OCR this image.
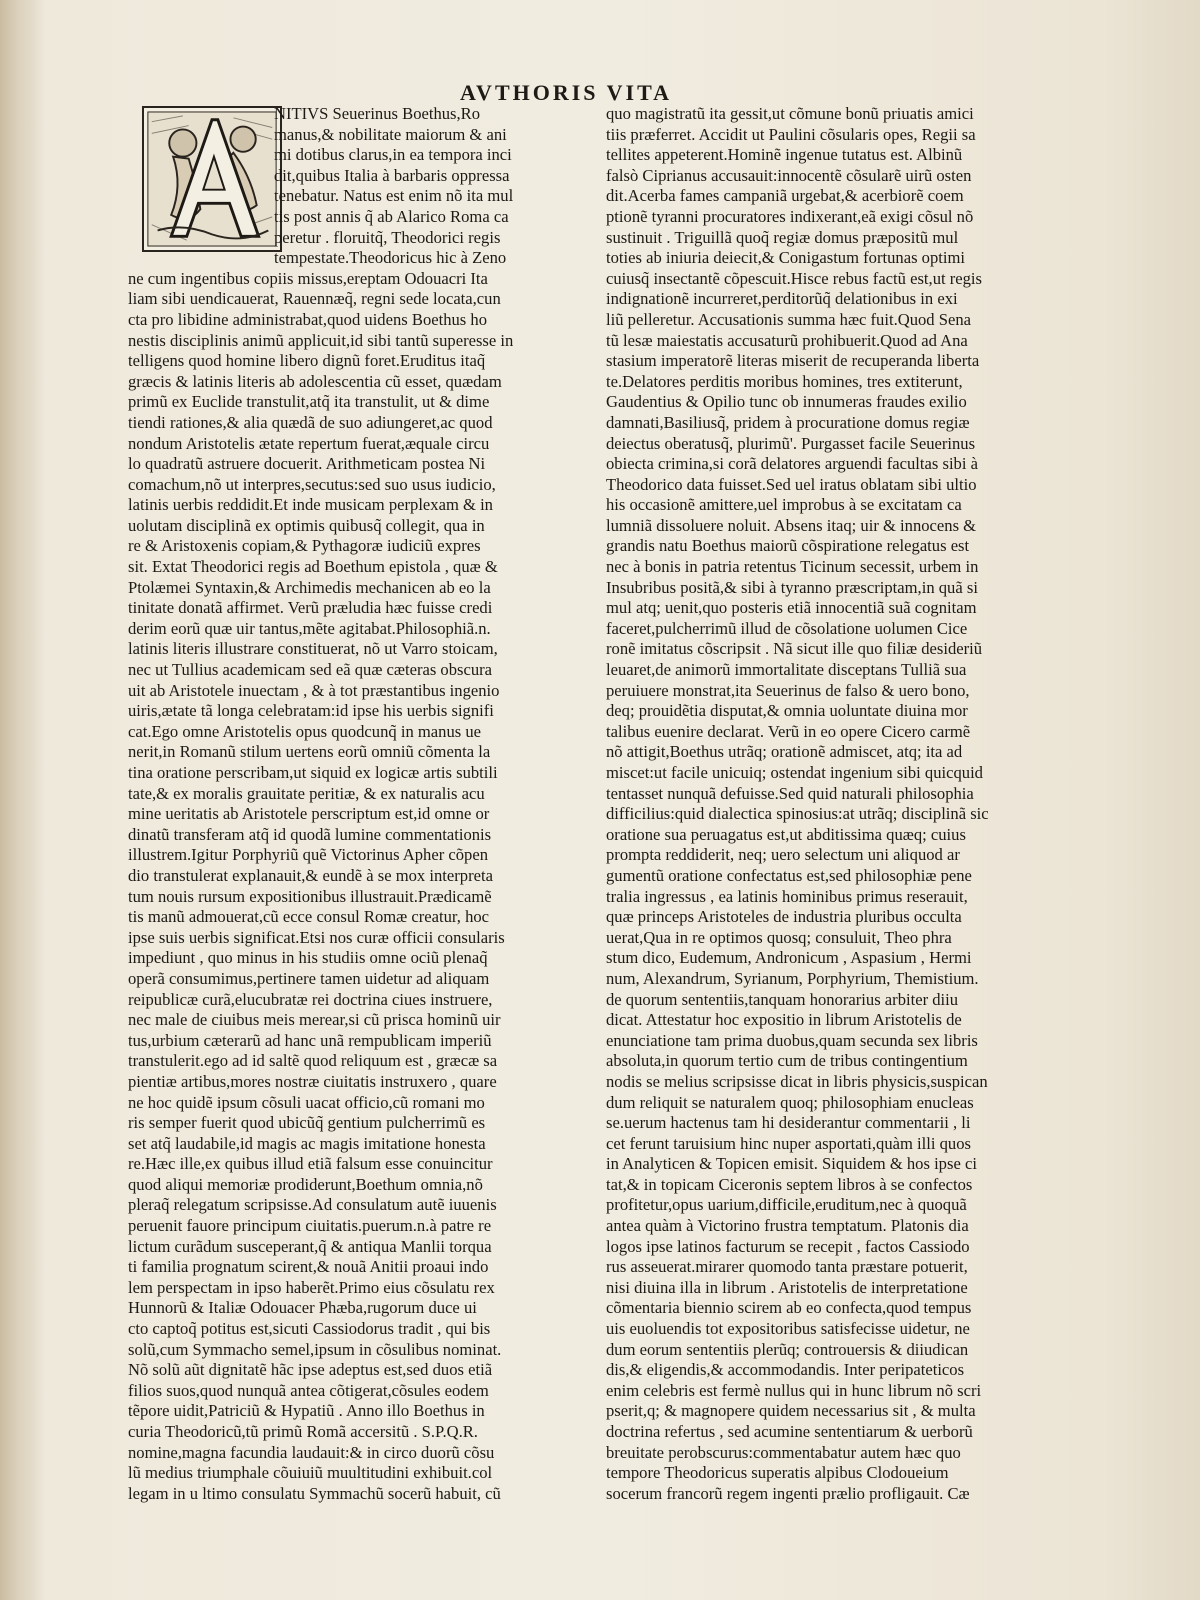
AVTHORIS VITA
NITIVS Seuerinus Boethus,Ro
manus,& nobilitate maiorum & ani
mi dotibus clarus,in ea tempora inci
dit,quibus Italia à barbaris oppressa
tenebatur. Natus est enim nõ ita mul
tis post annis q̃ ab Alarico Roma ca
peretur . floruitq̃, Theodorici regis
tempestate.Theodoricus hic à Zeno
ne cum ingentibus copiis missus,ereptam Odouacri Ita
liam sibi uendicauerat, Rauennæq̃, regni sede locata,cun
cta pro libidine administrabat,quod uidens Boethus ho
nestis disciplinis animũ applicuit,id sibi tantũ superesse in
telligens quod homine libero dignũ foret.Eruditus itaq̃
græcis & latinis literis ab adolescentia cũ esset, quædam
primũ ex Euclide transtulit,atq̃ ita transtulit, ut & dime
tiendi rationes,& alia quædã de suo adiungeret,ac quod
nondum Aristotelis ætate repertum fuerat,æquale circu
lo quadratũ astruere docuerit. Arithmeticam postea Ni
comachum,nõ ut interpres,secutus:sed suo usus iudicio,
latinis uerbis reddidit.Et inde musicam perplexam & in
uolutam disciplinã ex optimis quibusq̃ collegit, qua in
re & Aristoxenis copiam,& Pythagoræ iudiciũ expres
sit. Extat Theodorici regis ad Boethum epistola , quæ &
Ptolæmei Syntaxin,& Archimedis mechanicen ab eo la
tinitate donatã affirmet. Verũ præludia hæc fuisse credi
derim eorũ quæ uir tantus,mẽte agitabat.Philosophiã.n.
latinis literis illustrare constituerat, nõ ut Varro stoicam,
nec ut Tullius academicam sed eã quæ cæteras obscura
uit ab Aristotele inuectam , & à tot præstantibus ingenio
uiris,ætate tã longa celebratam:id ipse his uerbis signifi
cat.Ego omne Aristotelis opus quodcunq̃ in manus ue
nerit,in Romanũ stilum uertens eorũ omniũ cõmenta la
tina oratione perscribam,ut siquid ex logicæ artis subtili
tate,& ex moralis grauitate peritiæ, & ex naturalis acu
mine ueritatis ab Aristotele perscriptum est,id omne or
dinatũ transferam atq̃ id quodã lumine commentationis
illustrem.Igitur Porphyriũ quẽ Victorinus Apher cõpen
dio transtulerat explanauit,& eundẽ à se mox interpreta
tum nouis rursum expositionibus illustrauit.Prædicamẽ
tis manũ admouerat,cũ ecce consul Romæ creatur, hoc
ipse suis uerbis significat.Etsi nos curæ officii consularis
impediunt , quo minus in his studiis omne ociũ plenaq̃
operã consumimus,pertinere tamen uidetur ad aliquam
reipublicæ curã,elucubratæ rei doctrina ciues instruere,
nec male de ciuibus meis merear,si cũ prisca hominũ uir
tus,urbium cæterarũ ad hanc unã rempublicam imperiũ
transtulerit.ego ad id saltẽ quod reliquum est , græcæ sa
pientiæ artibus,mores nostræ ciuitatis instruxero , quare
ne hoc quidẽ ipsum cõsuli uacat officio,cũ romani mo
ris semper fuerit quod ubicũq̃ gentium pulcherrimũ es
set atq̃ laudabile,id magis ac magis imitatione honesta
re.Hæc ille,ex quibus illud etiã falsum esse conuincitur
quod aliqui memoriæ prodiderunt,Boethum omnia,nõ
pleraq̃ relegatum scripsisse.Ad consulatum autẽ iuuenis
peruenit fauore principum ciuitatis.puerum.n.à patre re
lictum curãdum susceperant,q̃ & antiqua Manlii torqua
ti familia prognatum scirent,& nouã Anitii proaui indo
lem perspectam in ipso haberẽt.Primo eius cõsulatu rex
Hunnorũ & Italiæ Odouacer Phæba,rugorum duce ui
cto captoq̃ potitus est,sicuti Cassiodorus tradit , qui bis
solũ,cum Symmacho semel,ipsum in cõsulibus nominat.
Nõ solũ aũt dignitatẽ hãc ipse adeptus est,sed duos etiã
filios suos,quod nunquã antea cõtigerat,cõsules eodem
tẽpore uidit,Patriciũ & Hypatiũ . Anno illo Boethus in
curia Theodoricũ,tũ primũ Romã accersitũ . S.P.Q.R.
nomine,magna facundia laudauit:& in circo duorũ cõsu
lũ medius triumphale cõuiuiũ muultitudini exhibuit.col
legam in u ltimo consulatu Symmachũ socerũ habuit, cũ
quo magistratũ ita gessit,ut cõmune bonũ priuatis amici
tiis præferret. Accidit ut Paulini cõsularis opes, Regii sa
tellites appeterent.Hominẽ ingenue tutatus est. Albinũ
falsò Ciprianus accusauit:innocentẽ cõsularẽ uirũ osten
dit.Acerba fames campaniã urgebat,& acerbiorẽ coem
ptionẽ tyranni procuratores indixerant,eã exigi cõsul nõ
sustinuit . Triguillã quoq̃ regiæ domus præpositũ mul
toties ab iniuria deiecit,& Conigastum fortunas optimi
cuiusq̃ insectantẽ cõpescuit.Hisce rebus factũ est,ut regis
indignationẽ incurreret,perditorũq̃ delationibus in exi
liũ pelleretur. Accusationis summa hæc fuit.Quod Sena
tũ lesæ maiestatis accusaturũ prohibuerit.Quod ad Ana
stasium imperatorẽ literas miserit de recuperanda liberta
te.Delatores perditis moribus homines, tres extiterunt,
Gaudentius & Opilio tunc ob innumeras fraudes exilio
damnati,Basiliusq̃, pridem à procuratione domus regiæ
deiectus oberatusq̃, plurimũ'. Purgasset facile Seuerinus
obiecta crimina,si corã delatores arguendi facultas sibi à
Theodorico data fuisset.Sed uel iratus oblatam sibi ultio
his occasionẽ amittere,uel improbus à se excitatam ca
lumniã dissoluere noluit. Absens itaq; uir & innocens &
grandis natu Boethus maiorũ cõspiratione relegatus est
nec à bonis in patria retentus Ticinum secessit, urbem in
Insubribus positã,& sibi à tyranno præscriptam,in quã si
mul atq; uenit,quo posteris etiã innocentiã suã cognitam
faceret,pulcherrimũ illud de cõsolatione uolumen Cice
ronẽ imitatus cõscripsit . Nã sicut ille quo filiæ desideriũ
leuaret,de animorũ immortalitate disceptans Tulliã sua
peruiuere monstrat,ita Seuerinus de falso & uero bono,
deq; prouidẽtia disputat,& omnia uoluntate diuina mor
talibus euenire declarat. Verũ in eo opere Cicero carmẽ
nõ attigit,Boethus utrãq; orationẽ admiscet, atq; ita ad
miscet:ut facile unicuiq; ostendat ingenium sibi quicquid
tentasset nunquã defuisse.Sed quid naturali philosophia
difficilius:quid dialectica spinosius:at utrãq; disciplinã sic
oratione sua peruagatus est,ut abditissima quæq; cuius
prompta reddiderit, neq; uero selectum uni aliquod ar
gumentũ oratione confectatus est,sed philosophiæ pene
tralia ingressus , ea latinis hominibus primus reserauit,
quæ princeps Aristoteles de industria pluribus occulta
uerat,Qua in re optimos quosq; consuluit, Theo phra
stum dico, Eudemum, Andronicum , Aspasium , Hermi
num, Alexandrum, Syrianum, Porphyrium, Themistium.
de quorum sententiis,tanquam honorarius arbiter diiu
dicat. Attestatur hoc expositio in librum Aristotelis de
enunciatione tam prima duobus,quam secunda sex libris
absoluta,in quorum tertio cum de tribus contingentium
nodis se melius scripsisse dicat in libris physicis,suspican
dum reliquit se naturalem quoq; philosophiam enucleas
se.uerum hactenus tam hi desiderantur commentarii , li
cet ferunt taruisium hinc nuper asportati,quàm illi quos
in Analyticen & Topicen emisit. Siquidem & hos ipse ci
tat,& in topicam Ciceronis septem libros à se confectos
profitetur,opus uarium,difficile,eruditum,nec à quoquã
antea quàm à Victorino frustra temptatum. Platonis dia
logos ipse latinos facturum se recepit , factos Cassiodo
rus asseuerat.mirarer quomodo tanta præstare potuerit,
nisi diuina illa in librum . Aristotelis de interpretatione
cõmentaria biennio scirem ab eo confecta,quod tempus
uis euoluendis tot expositoribus satisfecisse uidetur, ne
dum eorum sententiis plerũq; controuersis & diiudican
dis,& eligendis,& accommodandis. Inter peripateticos
enim celebris est fermè nullus qui in hunc librum nõ scri
pserit,q; & magnopere quidem necessarius sit , & multa
doctrina refertus , sed acumine sententiarum & uerborũ
breuitate perobscurus:commentabatur autem hæc quo
tempore Theodoricus superatis alpibus Clodoueium
socerum francorũ regem ingenti prælio profligauit. Cæ
